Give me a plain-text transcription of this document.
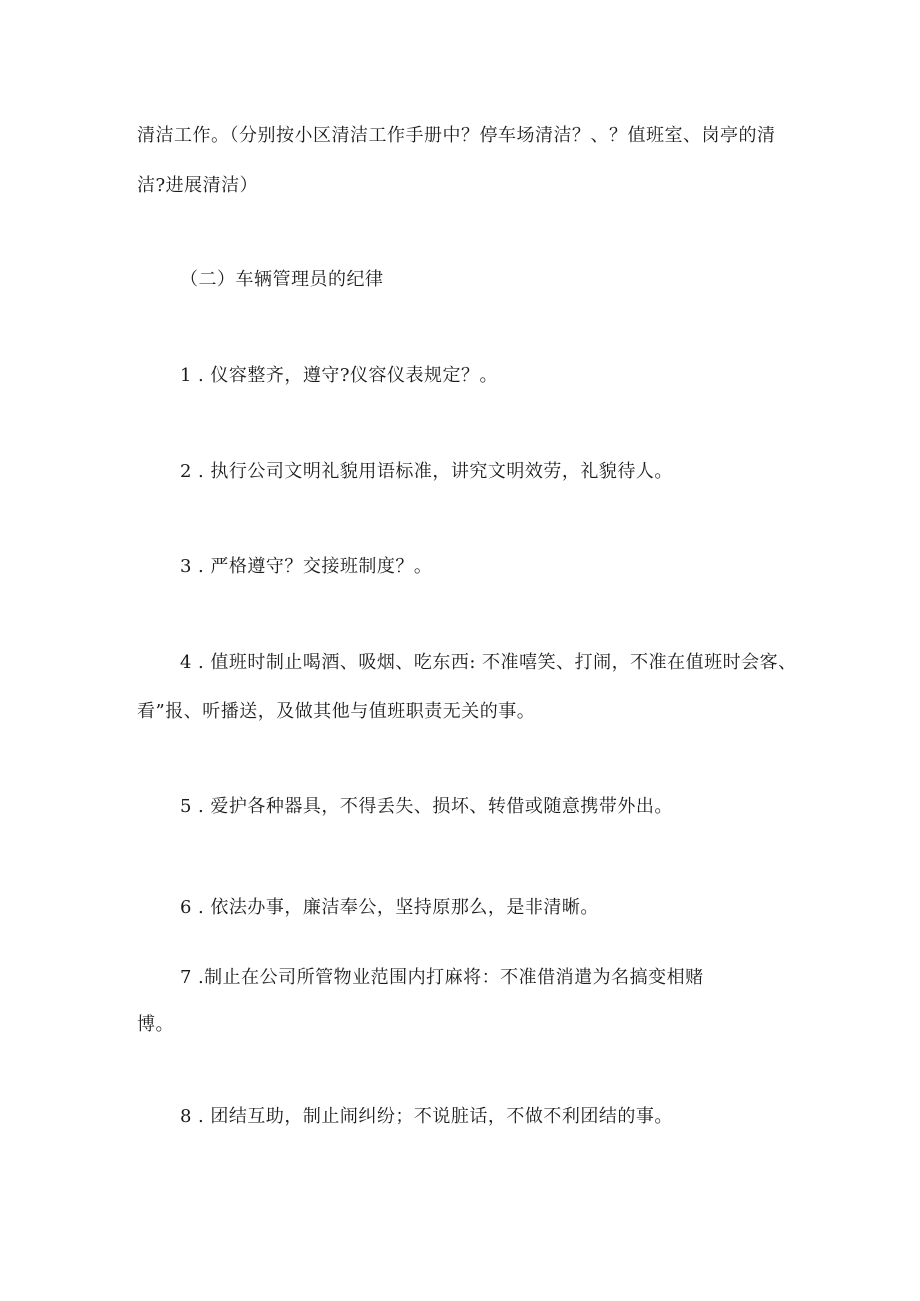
清洁工作。（分别按小区清洁工作手册中？停车场清洁？、？值班室、岗亭的清
洁?进展清洁）
（二）车辆管理员的纪律
1 . 仪容整齐，遵守?仪容仪表规定？。
2 . 执行公司文明礼貌用语标准，讲究文明效劳，礼貌待人。
3 . 严格遵守？交接班制度？。
4 . 值班时制止喝酒、吸烟、吃东西: 不准嘻笑、打闹，不准在值班时会客、
看”报、听播送，及做其他与值班职责无关的事。
5 . 爱护各种器具，不得丢失、损坏、转借或随意携带外出。
6 . 依法办事，廉洁奉公，坚持原那么，是非清晰。
7 .制止在公司所管物业范围内打麻将：不准借消遣为名搞变相赌
博。
8 . 团结互助，制止闹纠纷；不说脏话，不做不利团结的事。
